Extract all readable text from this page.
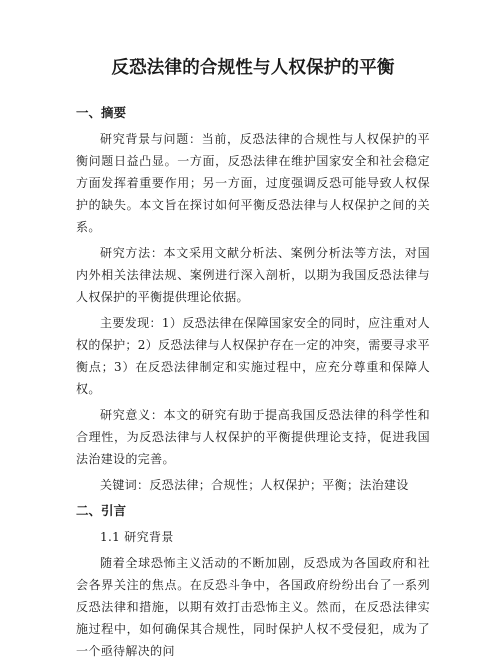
反恐法律的合规性与人权保护的平衡
一、摘要

研究背景与问题：当前，反恐法律的合规性与人权保护的平衡问题日益凸显。一方面，反恐法律在维护国家安全和社会稳定方面发挥着重要作用；另一方面，过度强调反恐可能导致人权保护的缺失。本文旨在探讨如何平衡反恐法律与人权保护之间的关系。

研究方法：本文采用文献分析法、案例分析法等方法，对国内外相关法律法规、案例进行深入剖析，以期为我国反恐法律与人权保护的平衡提供理论依据。

主要发现：1）反恐法律在保障国家安全的同时，应注重对人权的保护；2）反恐法律与人权保护存在一定的冲突，需要寻求平衡点；3）在反恐法律制定和实施过程中，应充分尊重和保障人权。

研究意义：本文的研究有助于提高我国反恐法律的科学性和合理性，为反恐法律与人权保护的平衡提供理论支持，促进我国法治建设的完善。

关键词：反恐法律；合规性；人权保护；平衡；法治建设

二、引言
1.1 研究背景

随着全球恐怖主义活动的不断加剧，反恐成为各国政府和社会各界关注的焦点。在反恐斗争中，各国政府纷纷出台了一系列反恐法律和措施，以期有效打击恐怖主义。然而，在反恐法律实施过程中，如何确保其合规性，同时保护人权不受侵犯，成为了一个亟待解决的问
